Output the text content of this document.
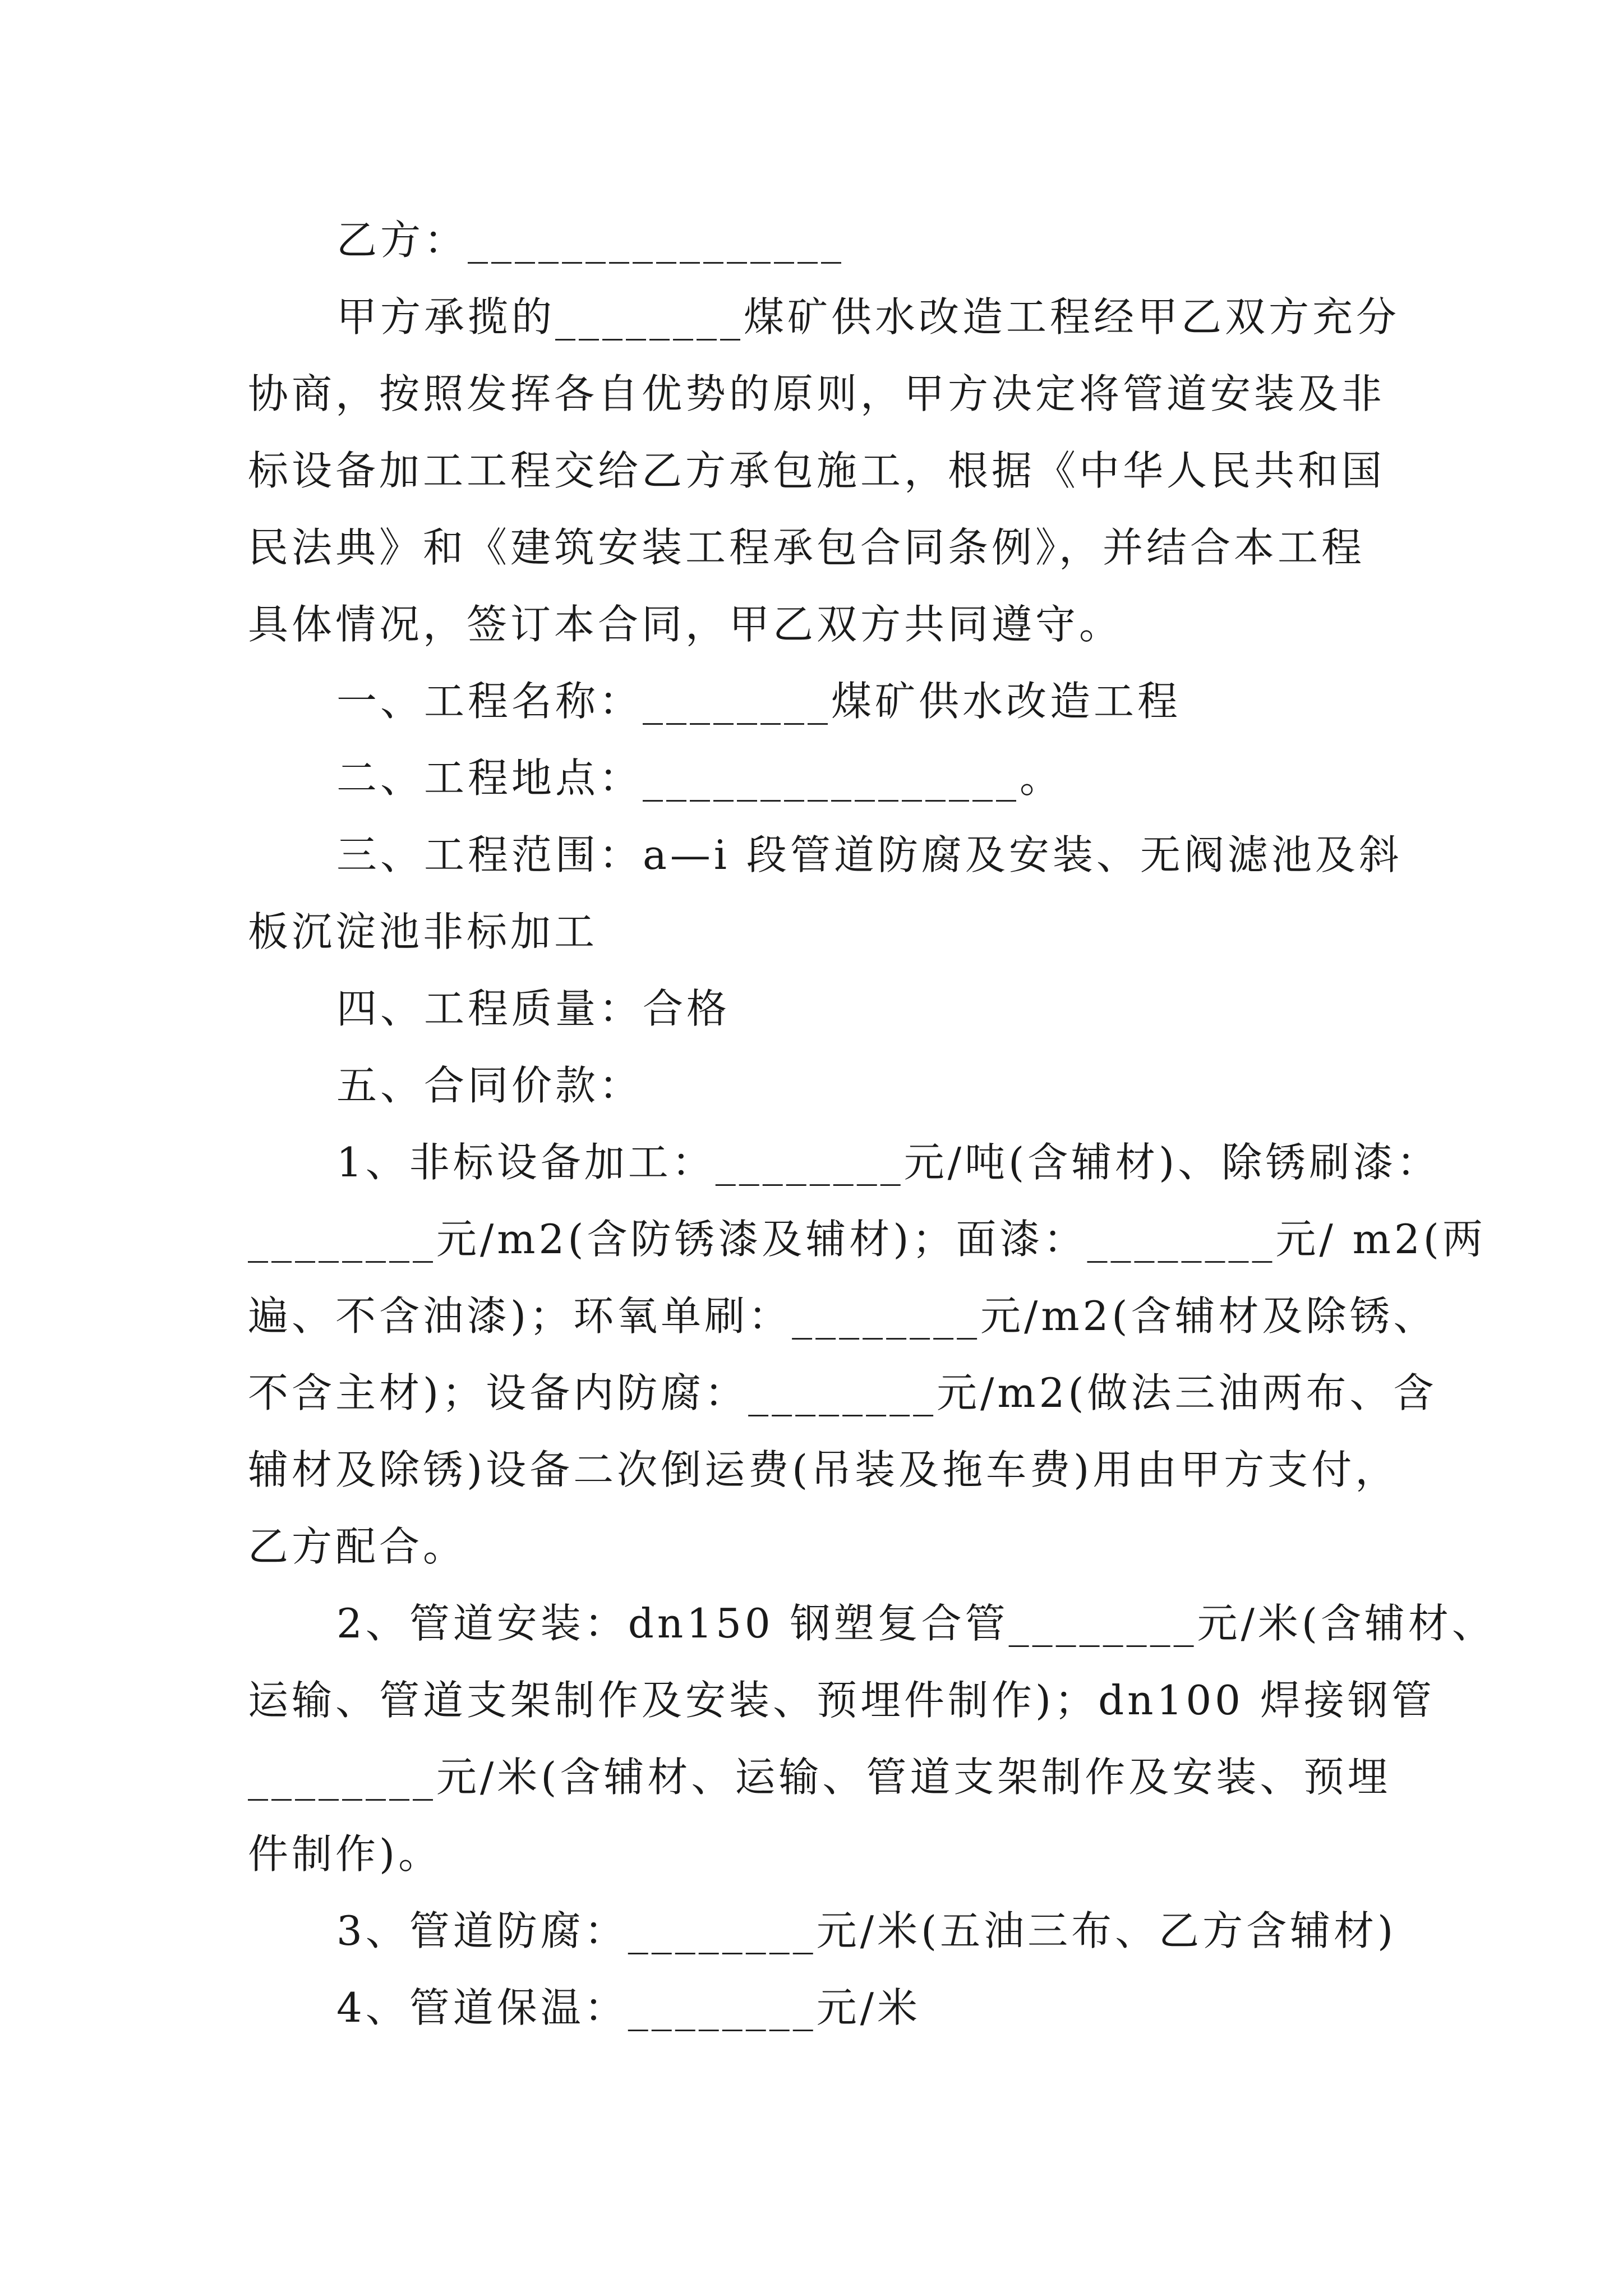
乙方：________________
甲方承揽的________煤矿供水改造工程经甲乙双方充分
协商，按照发挥各自优势的原则，甲方决定将管道安装及非
标设备加工工程交给乙方承包施工，根据《中华人民共和国
民法典》和《建筑安装工程承包合同条例》，并结合本工程
具体情况，签订本合同，甲乙双方共同遵守。
一、工程名称：________煤矿供水改造工程
二、工程地点：________________。
三、工程范围：a—i 段管道防腐及安装、无阀滤池及斜
板沉淀池非标加工
四、工程质量：合格
五、合同价款：
1、非标设备加工：________元/吨(含辅材)、除锈刷漆：
________元/m2(含防锈漆及辅材)；面漆：________元/ m2(两
遍、不含油漆)；环氧单刷：________元/m2(含辅材及除锈、
不含主材)；设备内防腐：________元/m2(做法三油两布、含
辅材及除锈)设备二次倒运费(吊装及拖车费)用由甲方支付，
乙方配合。
2、管道安装：dn150 钢塑复合管________元/米(含辅材、
运输、管道支架制作及安装、预埋件制作)；dn100 焊接钢管
________元/米(含辅材、运输、管道支架制作及安装、预埋
件制作)。
3、管道防腐：________元/米(五油三布、乙方含辅材)
4、管道保温：________元/米
